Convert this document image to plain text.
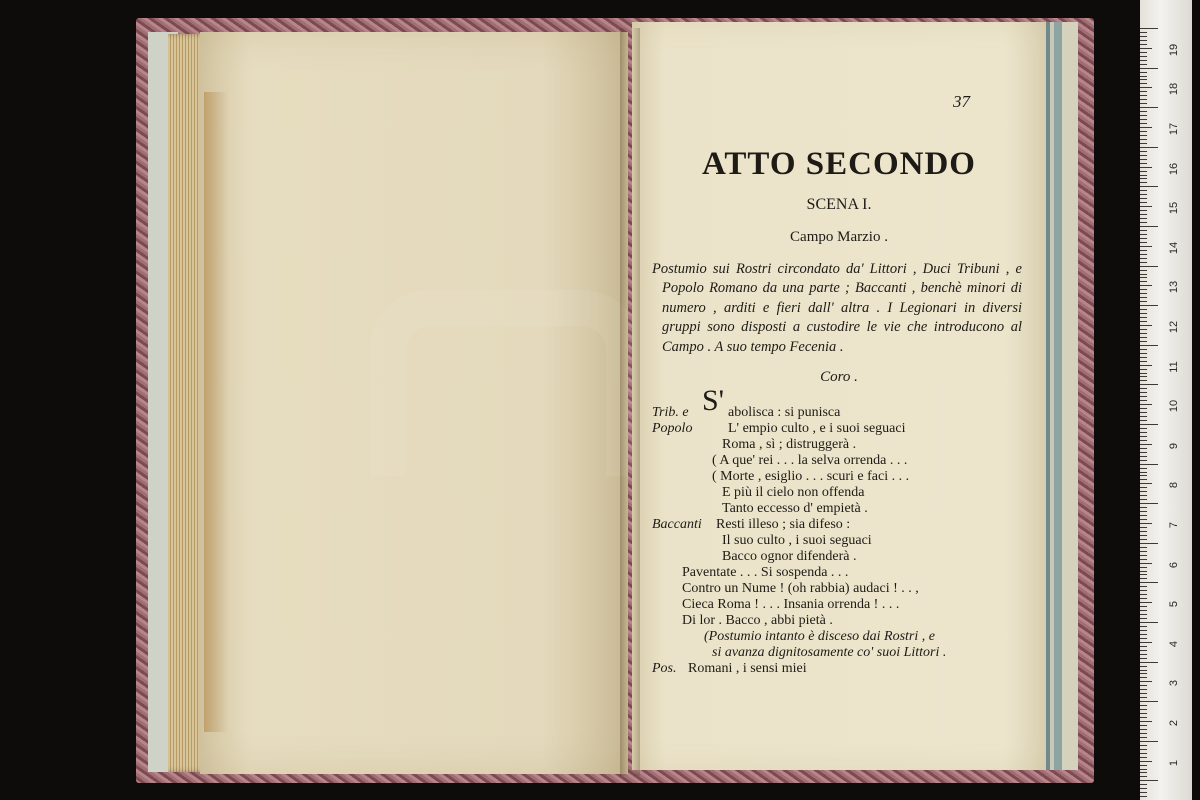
37
ATTO SECONDO
SCENA I.
Campo Marzio .
Postumio sui Rostri circondato da' Littori , Duci Tribuni , e Popolo Romano da una parte ; Baccanti , benchè minori di numero , arditi e fieri dall' altra . I Legionari in diversi gruppi sono disposti a custodire le vie che introducono al Campo . A suo tempo Fecenia .
Coro .
Trib. e S' abolisca : si punisca
Popolo	L' empio culto , e i suoi seguaci
Roma , sì ; distruggerà .
( A que' rei . . . la selva orrenda . . .
( Morte , esiglio . . . scuri e faci . . .
E più il cielo non offenda
Tanto eccesso d' empietà .
Baccanti Resti illeso ; sia difeso :
Il suo culto , i suoi seguaci
Bacco ognor difenderà .
Paventate . . . Si sospenda . . .
Contro un Nume ! (oh rabbia) audaci ! . . ,
Cieca Roma ! . . . Insania orrenda ! . . .
Di lor . Bacco , abbi pietà .
(Postumio intanto è disceso dai Rostri , e
si avanza dignitosamente co' suoi Littori .
Pos. Romani , i sensi miei
19
18
17
16
15
14
13
12
11
10
9
8
7
6
5
4
3
2
1
